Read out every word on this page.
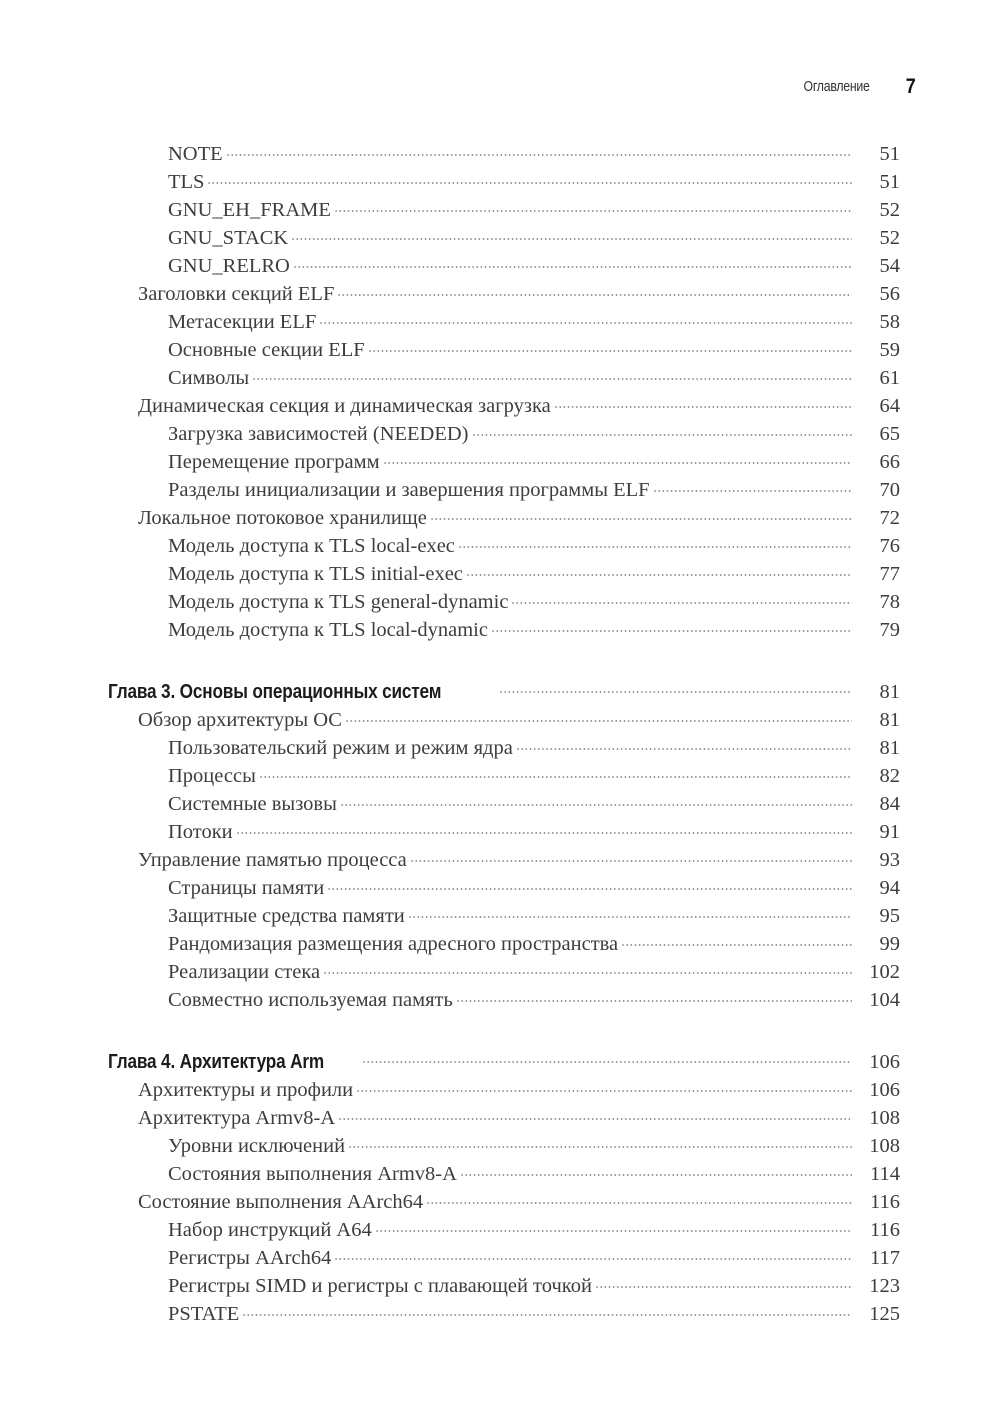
Оглавление 7
NOTE	51
TLS	51
GNU_EH_FRAME	52
GNU_STACK	52
GNU_RELRO	54
Заголовки секций ELF	56
Метасекции ELF	58
Основные секции ELF	59
Символы	61
Динамическая секция и динамическая загрузка	64
Загрузка зависимостей (NEEDED)	65
Перемещение программ	66
Разделы инициализации и завершения программы ELF	70
Локальное потоковое хранилище	72
Модель доступа к TLS local-exec	76
Модель доступа к TLS initial-exec	77
Модель доступа к TLS general-dynamic	78
Модель доступа к TLS local-dynamic	79
Глава 3. Основы операционных систем	81
Обзор архитектуры ОС	81
Пользовательский режим и режим ядра	81
Процессы	82
Системные вызовы	84
Потоки	91
Управление памятью процесса	93
Страницы памяти	94
Защитные средства памяти	95
Рандомизация размещения адресного пространства	99
Реализации стека	102
Совместно используемая память	104
Глава 4. Архитектура Arm	106
Архитектуры и профили	106
Архитектура Armv8-A	108
Уровни исключений	108
Состояния выполнения Armv8-A	114
Состояние выполнения AArch64	116
Набор инструкций A64	116
Регистры AArch64	117
Регистры SIMD и регистры с плавающей точкой	123
PSTATE	125
